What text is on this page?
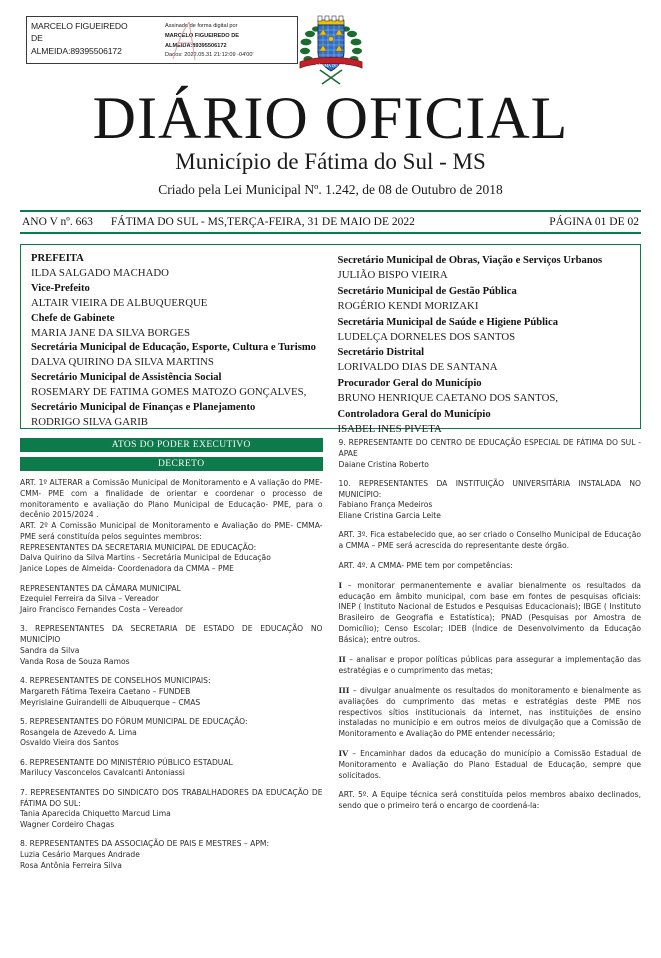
MARCELO FIGUEIREDO
DE
ALMEIDA:89395506172
Assinado de forma digital por
MARCELO FIGUEIREDO DE
ALMEIDA:89395506172
Dados: 2022.05.31 21:12:09 -04'00'
FÁTIMA DO SUL
DIÁRIO OFICIAL
Município de Fátima do Sul - MS
Criado pela Lei Municipal Nº. 1.242, de 08 de Outubro de 2018
ANO V nº. 663 FÁTIMA DO SUL - MS,TERÇA-FEIRA, 31 DE MAIO DE 2022	PÁGINA 01 DE 02
PREFEITA
ILDA SALGADO MACHADO
Vice-Prefeito
ALTAIR VIEIRA DE ALBUQUERQUE
Chefe de Gabinete
MARIA JANE DA SILVA BORGES
Secretária Municipal de Educação, Esporte, Cultura e Turismo
DALVA QUIRINO DA SILVA MARTINS
Secretário Municipal de Assistência Social
ROSEMARY DE FATIMA GOMES MATOZO GONÇALVES,
Secretário Municipal de Finanças e Planejamento
RODRIGO SILVA GARIB
Secretário Municipal de Obras, Viação e Serviços Urbanos
JULIÃO BISPO VIEIRA
Secretário Municipal de Gestão Pública
ROGÉRIO KENDI MORIZAKI
Secretária Municipal de Saúde e Higiene Pública
LUDELÇA DORNELES DOS SANTOS
Secretário Distrital
LORIVALDO DIAS DE SANTANA
Procurador Geral do Município
BRUNO HENRIQUE CAETANO DOS SANTOS,
Controladora Geral do Município
ISABEL INES PIVETA
ATOS DO PODER EXECUTIVO
DECRETO

ART. 1º ALTERAR a Comissão Municipal de Monitoramento e A valiação do PME- CMM- PME com a finalidade de orientar e coordenar o processo de monitoramento e avaliação do Plano Municipal de Educação- PME, para o decênio 2015/2024 .

ART. 2º A Comissão Municipal de Monitoramento e Avaliação do PME- CMMA-PME será constituída pelos seguintes membros:

REPRESENTANTES DA SECRETARIA MUNICIPAL DE EDUCAÇÃO:

Dalva Quirino da Silva Martins - Secretária Municipal de Educação

Janice Lopes de Almeida- Coordenadora da CMMA – PME

REPRESENTANTES DA CÂMARA MUNICIPAL

Ezequiel Ferreira da Silva – Vereador

Jairo Francisco Fernandes Costa – Vereador

3. REPRESENTANTES DA SECRETARIA DE ESTADO DE EDUCAÇÃO NO MUNICÍPIO

Sandra da Silva

Vanda Rosa de Souza Ramos

4. REPRESENTANTES DE CONSELHOS MUNICIPAIS:

Margareth Fátima Texeira Caetano – FUNDEB

Meyrislaine Guirandelli de Albuquerque – CMAS

5. REPRESENTANTES DO FÓRUM MUNICIPAL DE EDUCAÇÃO:

Rosangela de Azevedo A. Lima

Osvaldo Vieira dos Santos

6. REPRESENTANTE DO MINISTÉRIO PÚBLICO ESTADUAL

Marilucy Vasconcelos Cavalcanti Antoniassi

7. REPRESENTANTES DO SINDICATO DOS TRABALHADORES DA EDUCAÇÃO DE FÁTIMA DO SUL:

Tania Aparecida Chiquetto Marcud Lima

Wagner Cordeiro Chagas

8. REPRESENTANTES DA ASSOCIAÇÃO DE PAIS E MESTRES – APM:

Luzia Cesário Marques Andrade

Rosa Antônia Ferreira Silva

9. REPRESENTANTE DO CENTRO DE EDUCAÇÃO ESPECIAL DE FÁTIMA DO SUL - APAE

Daiane Cristina Roberto

10. REPRESENTANTES DA INSTITUIÇÃO UNIVERSITÁRIA INSTALADA NO MUNICÍPIO:

Fabiano França Medeiros

Eliane Cristina Garcia Leite

ART. 3º. Fica estabelecido que, ao ser criado o Conselho Municipal de Educação a CMMA – PME será acrescida do representante deste órgão.

ART. 4º. A CMMA- PME tem por competências:

I – monitorar permanentemente e avaliar bienalmente os resultados da educação em âmbito municipal, com base em fontes de pesquisas oficiais: INEP ( Instituto Nacional de Estudos e Pesquisas Educacionais); IBGE ( Instituto Brasileiro de Geografia e Estatística); PNAD (Pesquisas por Amostra de Domicílio); Censo Escolar; IDEB (Índice de Desenvolvimento da Educação Básica); entre outros.

II – analisar e propor políticas públicas para assegurar a implementação das estratégias e o cumprimento das metas;

III – divulgar anualmente os resultados do monitoramento e bienalmente as avaliações do cumprimento das metas e estratégias deste PME nos respectivos sítios institucionais da internet, nas instituições de ensino instaladas no município e em outros meios de divulgação que a Comissão de Monitoramento e Avaliação do PME entender necessário;

IV – Encaminhar dados da educação do município a Comissão Estadual de Monitoramento e Avaliação do Plano Estadual de Educação, sempre que solicitados.

ART. 5º. A Equipe técnica será constituída pelos membros abaixo declinados, sendo que o primeiro terá o encargo de coordená-la:
